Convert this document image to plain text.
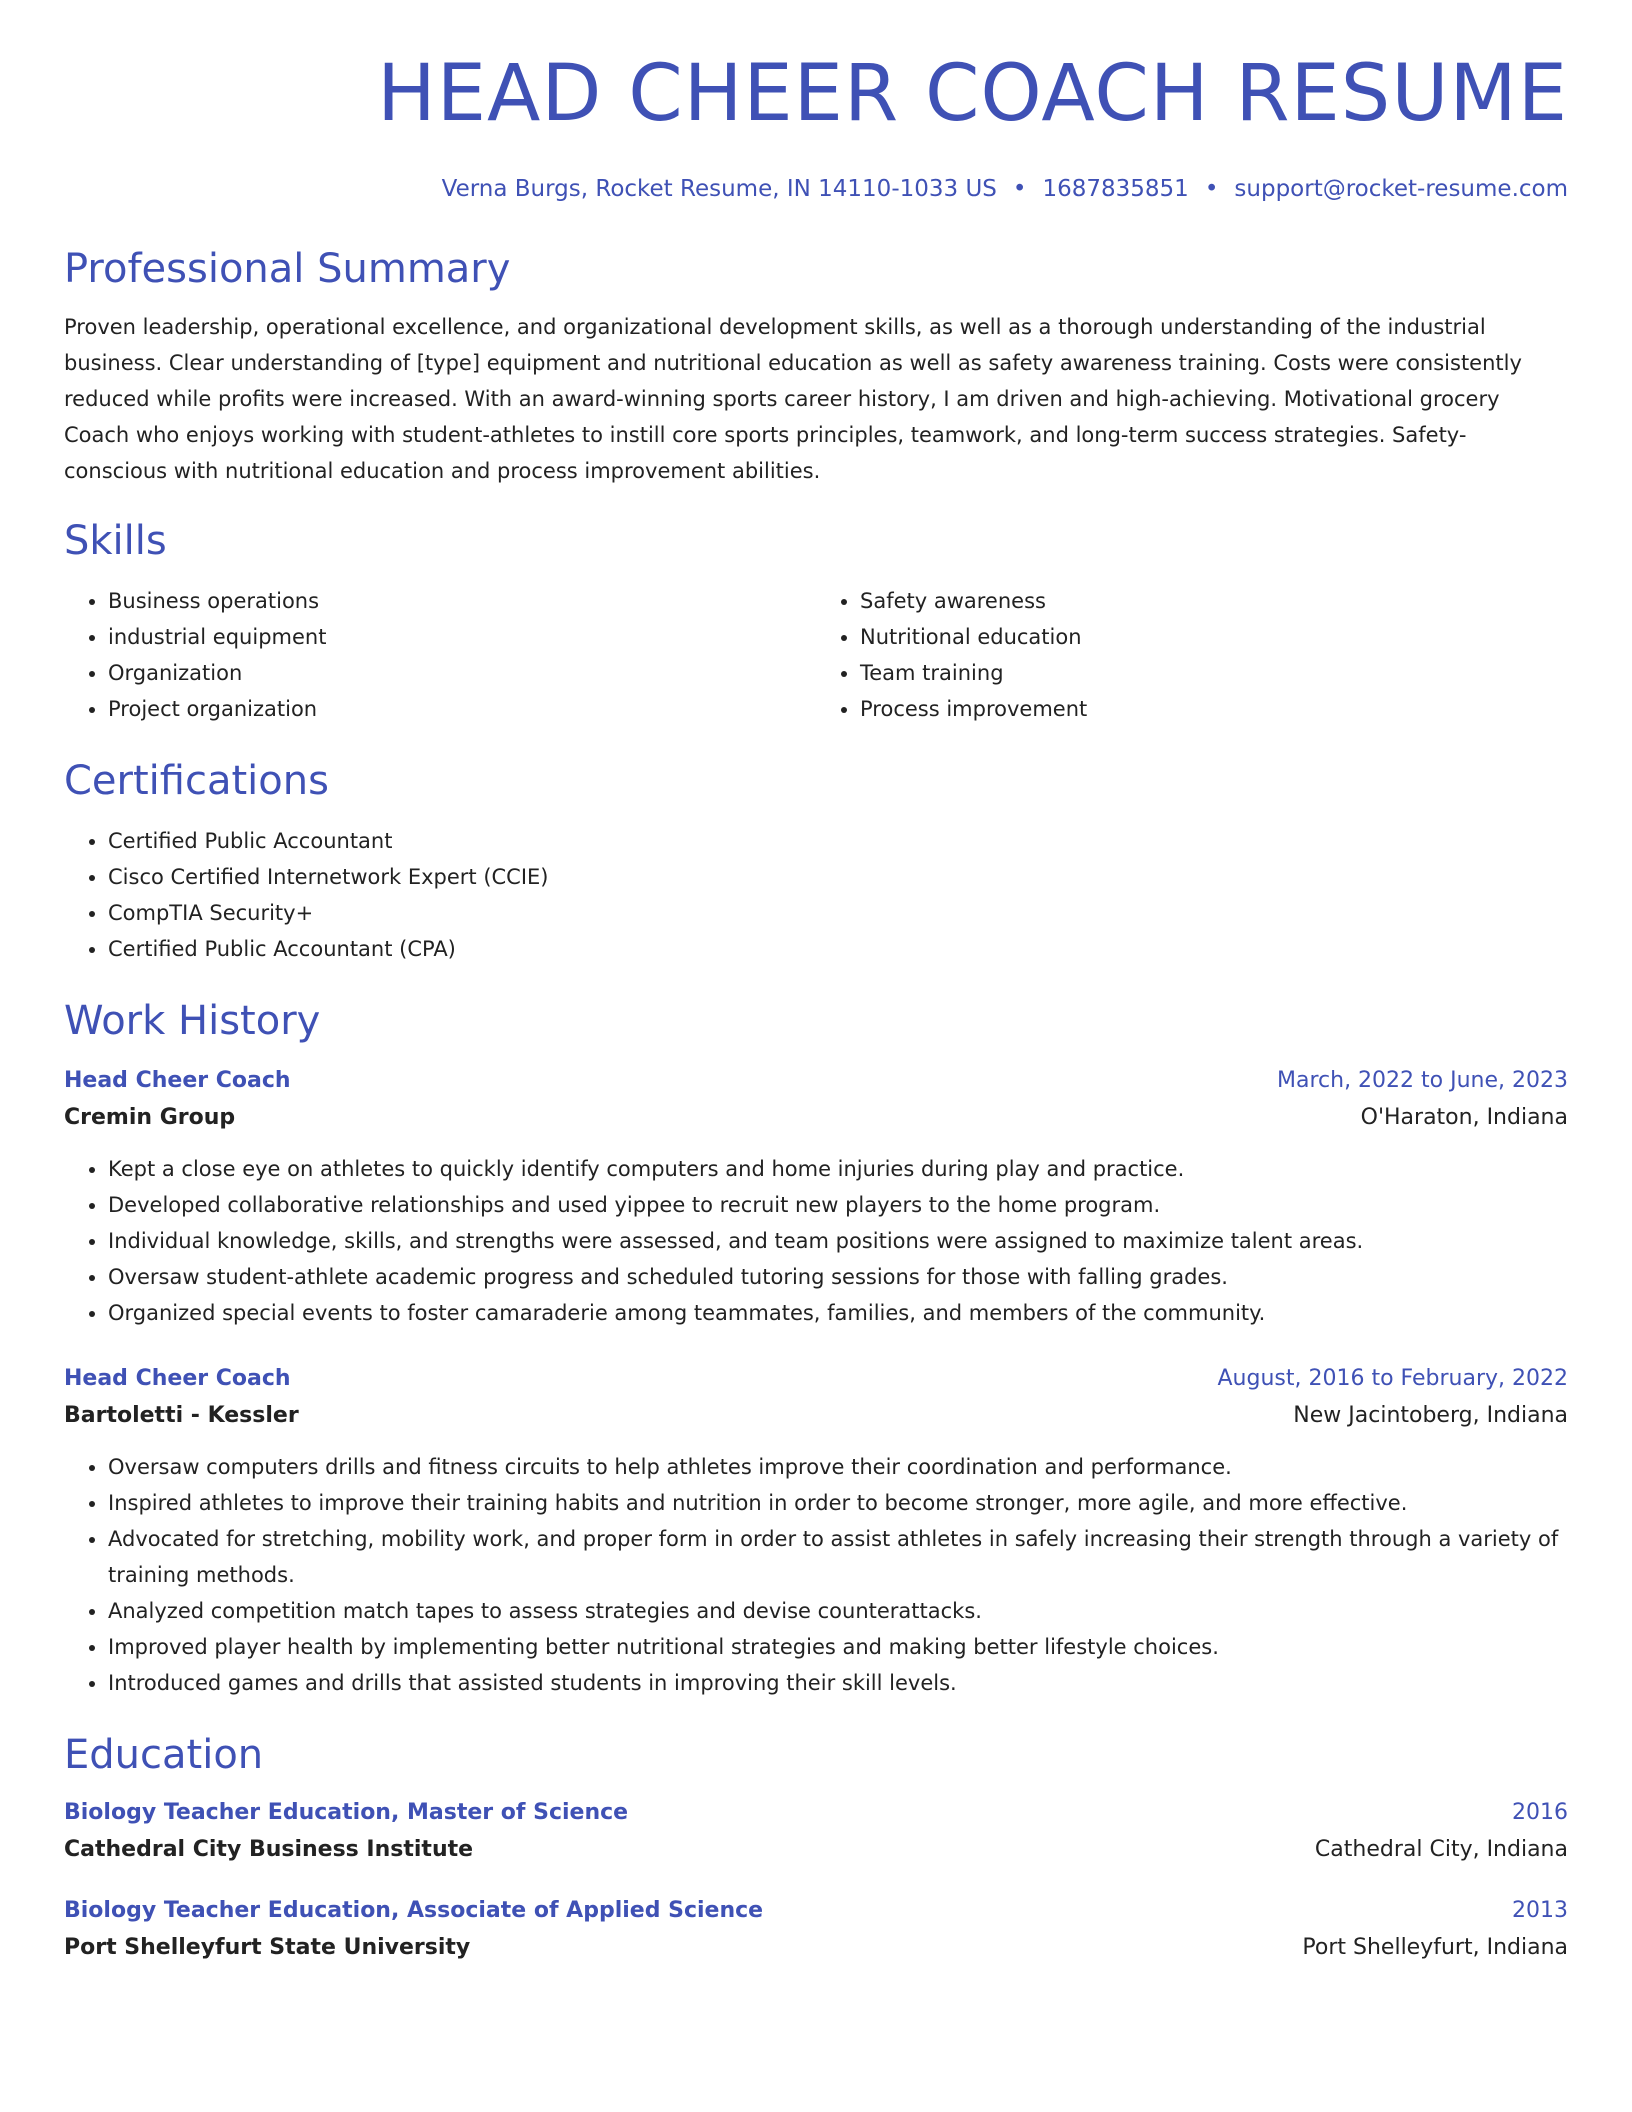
HEAD CHEER COACH RESUME
Verna Burgs, Rocket Resume, IN 14110-1033 US • 1687835851 • support@rocket-resume.com
Professional Summary

Proven leadership, operational excellence, and organizational development skills, as well as a thorough understanding of the industrial business. Clear understanding of [type] equipment and nutritional education as well as safety awareness training. Costs were consistently reduced while profits were increased. With an award-winning sports career history, I am driven and high-achieving. Motivational grocery Coach who enjoys working with student-athletes to instill core sports principles, teamwork, and long-term success strategies. Safety-conscious with nutritional education and process improvement abilities.

Skills
• Business operations
• industrial equipment
• Organization
• Project organization
• Safety awareness
• Nutritional education
• Team training
• Process improvement
Certifications
• Certified Public Accountant
• Cisco Certified Internetwork Expert (CCIE)
• CompTIA Security+
• Certified Public Accountant (CPA)
Work History
Head Cheer Coach	March, 2022 to June, 2023
Cremin Group	O'Haraton, Indiana
• Kept a close eye on athletes to quickly identify computers and home injuries during play and practice.
• Developed collaborative relationships and used yippee to recruit new players to the home program.
• Individual knowledge, skills, and strengths were assessed, and team positions were assigned to maximize talent areas.
• Oversaw student-athlete academic progress and scheduled tutoring sessions for those with falling grades.
• Organized special events to foster camaraderie among teammates, families, and members of the community.
Head Cheer Coach	August, 2016 to February, 2022
Bartoletti - Kessler	New Jacintoberg, Indiana
• Oversaw computers drills and fitness circuits to help athletes improve their coordination and performance.
• Inspired athletes to improve their training habits and nutrition in order to become stronger, more agile, and more effective.
• Advocated for stretching, mobility work, and proper form in order to assist athletes in safely increasing their strength through a variety of training methods.
• Analyzed competition match tapes to assess strategies and devise counterattacks.
• Improved player health by implementing better nutritional strategies and making better lifestyle choices.
• Introduced games and drills that assisted students in improving their skill levels.
Education
Biology Teacher Education, Master of Science	2016
Cathedral City Business Institute	Cathedral City, Indiana
Biology Teacher Education, Associate of Applied Science	2013
Port Shelleyfurt State University	Port Shelleyfurt, Indiana
